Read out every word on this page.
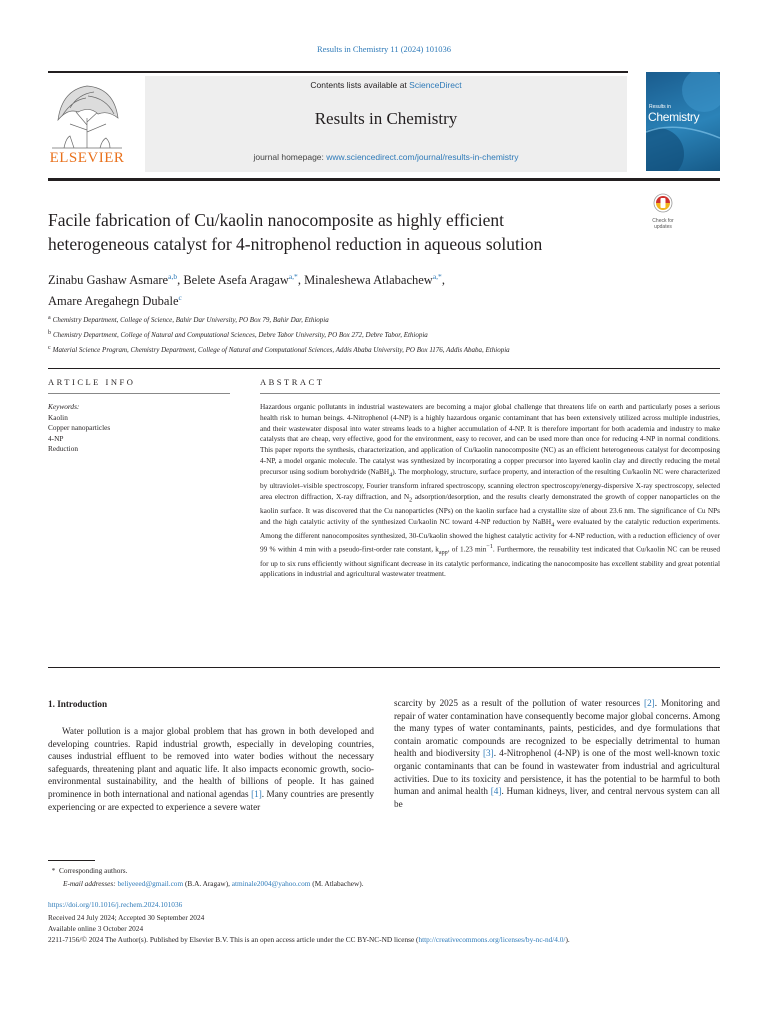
Results in Chemistry 11 (2024) 101036
ELSEVIER
Contents lists available at ScienceDirect
Results in Chemistry
journal homepage: www.sciencedirect.com/journal/results-in-chemistry
Results in
Chemistry
Check for updates
Facile fabrication of Cu/kaolin nanocomposite as highly efficient
heterogeneous catalyst for 4-nitrophenol reduction in aqueous solution
Zinabu Gashaw Asmare$^{a,b}$, Belete Asefa Aragaw$^{a,*}$, Minaleshewa Atlabachew$^{a,*}$,
Amare Aregahegn Dubale$^c$
a Chemistry Department, College of Science, Bahir Dar University, PO Box 79, Bahir Dar, Ethiopia
b Chemistry Department, College of Natural and Computational Sciences, Debre Tabor University, PO Box 272, Debre Tabor, Ethiopia
c Material Science Program, Chemistry Department, College of Natural and Computational Sciences, Addis Ababa University, PO Box 1176, Addis Ababa, Ethiopia
ARTICLE INFO
Keywords:
Kaolin
Copper nanoparticles
4-NP
Reduction
ABSTRACT
Hazardous organic pollutants in industrial wastewaters are becoming a major global challenge that threatens life on earth and particularly poses a serious health risk to human beings. 4-Nitrophenol (4-NP) is a highly hazardous organic contaminant that has been extensively utilized across multiple industries, and their wastewater disposal into water streams leads to a higher accumulation of 4-NP. It is therefore important for both academia and industry to make catalysts that are cheap, very effective, good for the environment, easy to recover, and can be used more than once for reducing 4-NP in normal conditions. This paper reports the synthesis, characterization, and application of Cu/kaolin nanocomposite (NC) as an efficient heterogeneous catalyst for decomposing 4-NP, a model organic molecule. The catalyst was synthesized by incorporating a copper precursor into layered kaolin clay and directly reducing the metal precursor using sodium borohydride (NaBH$_4$). The morphology, structure, surface property, and interaction of the resulting Cu/kaolin NC were characterized by ultraviolet–visible spectroscopy, Fourier transform infrared spectroscopy, scanning electron spectroscopy/energy-dispersive X-ray spectroscopy, selected area electron diffraction, X-ray diffraction, and $N_2$ adsorption/desorption, and the results clearly demonstrated the growth of copper nanoparticles on the kaolin surface. It was discovered that the Cu nanoparticles (NPs) on the kaolin surface had a crystallite size of about 23.6 nm. The significance of Cu NPs and the high catalytic activity of the synthesized Cu/kaolin NC toward 4-NP reduction by NaBH$_4$ were evaluated by the catalytic reduction experiments. Among the different nanocomposites synthesized, 30-Cu/kaolin showed the highest catalytic activity for 4-NP reduction, with a reduction efficiency of over 99 % within 4 min with a pseudo-first-order rate constant, $k_{app}$, of 1.23 $\min^{-1}$. Furthermore, the reusability test indicated that Cu/kaolin NC can be reused for up to six runs efficiently without significant decrease in its catalytic performance, indicating the nanocomposite has excellent stability and great potential applications in industrial and agricultural wastewater treatment.
1. Introduction
Water pollution is a major global problem that has grown in both developed and developing countries. Rapid industrial growth, especially in developing countries, causes industrial effluent to be removed into water bodies without the necessary safeguards, threatening plant and aquatic life. It also impacts economic growth, socio-environmental sustainability, and the health of billions of people. It has gained prominence in both international and national agendas [1]. Many countries are presently experiencing or are expected to experience a severe water
scarcity by 2025 as a result of the pollution of water resources [2]. Monitoring and repair of water contamination have consequently become major global concerns. Among the many types of water contaminants, paints, pesticides, and dye formulations that contain aromatic compounds are recognized to be especially detrimental to human health and biodiversity [3]. 4-Nitrophenol (4-NP) is one of the most well-known toxic organic contaminants that can be found in wastewater from industrial and agricultural activities. Due to its toxicity and persistence, it has the potential to be harmful to both human and animal health [4]. Human kidneys, liver, and central nervous system can all be
*  Corresponding authors.
E-mail addresses: beliyeeed@gmail.com (B.A. Aragaw), atminale2004@yahoo.com (M. Atlabachew).
https://doi.org/10.1016/j.rechem.2024.101036
Received 24 July 2024; Accepted 30 September 2024
Available online 3 October 2024
2211-7156/© 2024 The Author(s). Published by Elsevier B.V. This is an open access article under the CC BY-NC-ND license (http://creativecommons.org/licenses/by-nc-nd/4.0/).
